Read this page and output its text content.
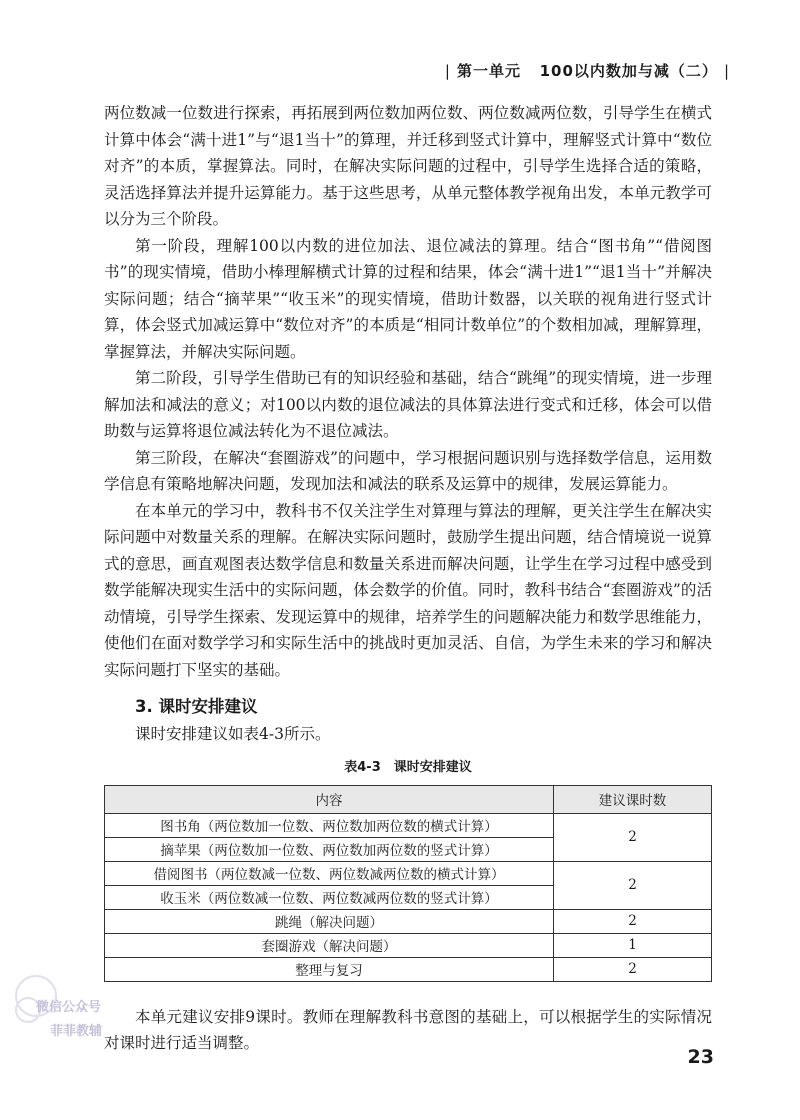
| 第一单元 100以内数加与减（二） |

两位数减一位数进行探索，再拓展到两位数加两位数、两位数减两位数，引导学生在横式计算中体会“满十进1”与“退1当十”的算理，并迁移到竖式计算中，理解竖式计算中“数位对齐”的本质，掌握算法。同时，在解决实际问题的过程中，引导学生选择合适的策略，灵活选择算法并提升运算能力。基于这些思考，从单元整体教学视角出发，本单元教学可以分为三个阶段。

第一阶段，理解100以内数的进位加法、退位减法的算理。结合“图书角”“借阅图书”的现实情境，借助小棒理解横式计算的过程和结果，体会“满十进1”“退1当十”并解决实际问题；结合“摘苹果”“收玉米”的现实情境，借助计数器，以关联的视角进行竖式计算，体会竖式加减运算中“数位对齐”的本质是“相同计数单位”的个数相加减，理解算理，掌握算法，并解决实际问题。

第二阶段，引导学生借助已有的知识经验和基础，结合“跳绳”的现实情境，进一步理解加法和减法的意义；对100以内数的退位减法的具体算法进行变式和迁移，体会可以借助数与运算将退位减法转化为不退位减法。

第三阶段，在解决“套圈游戏”的问题中，学习根据问题识别与选择数学信息，运用数学信息有策略地解决问题，发现加法和减法的联系及运算中的规律，发展运算能力。

在本单元的学习中，教科书不仅关注学生对算理与算法的理解，更关注学生在解决实际问题中对数量关系的理解。在解决实际问题时，鼓励学生提出问题，结合情境说一说算式的意思，画直观图表达数学信息和数量关系进而解决问题，让学生在学习过程中感受到数学能解决现实生活中的实际问题，体会数学的价值。同时，教科书结合“套圈游戏”的活动情境，引导学生探索、发现运算中的规律，培养学生的问题解决能力和数学思维能力，使他们在面对数学学习和实际生活中的挑战时更加灵活、自信，为学生未来的学习和解决实际问题打下坚实的基础。

3. 课时安排建议

课时安排建议如表4-3所示。

表4-3　课时安排建议
内容	建议课时数
图书角（两位数加一位数、两位数加两位数的横式计算）	2
摘苹果（两位数加一位数、两位数加两位数的竖式计算）	
借阅图书（两位数减一位数、两位数减两位数的横式计算）	2
收玉米（两位数减一位数、两位数减两位数的竖式计算）	
跳绳（解决问题）	2
套圈游戏（解决问题）	1
整理与复习	2

本单元建议安排9课时。教师在理解教科书意图的基础上，可以根据学生的实际情况对课时进行适当调整。

微信公众号
菲菲教辅
23
